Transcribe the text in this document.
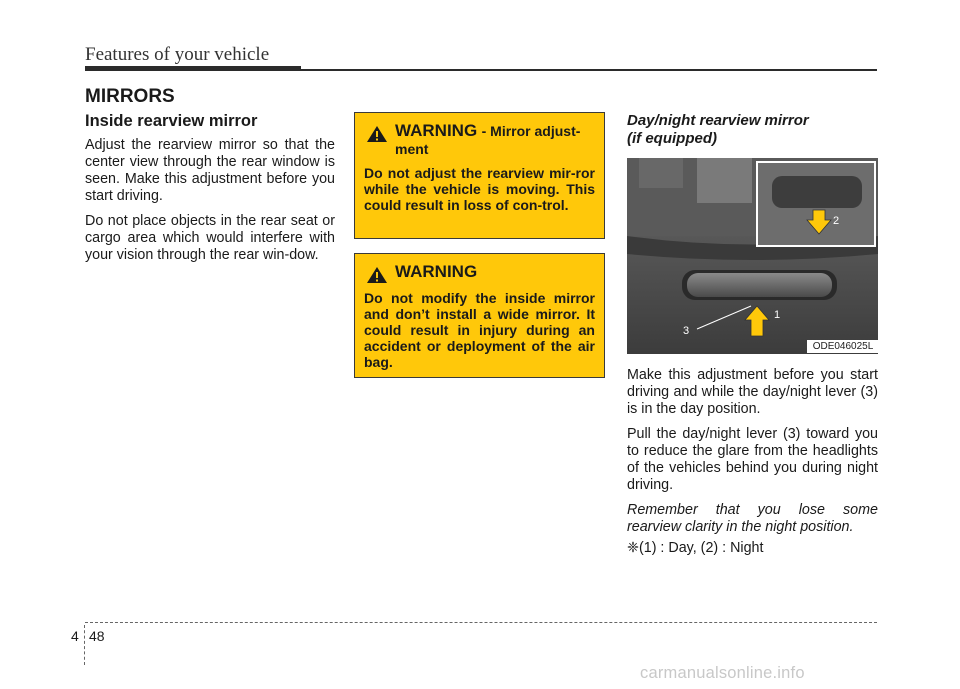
Features of your vehicle
MIRRORS
Inside rearview mirror

Adjust the rearview mirror so that the center view through the rear window is seen. Make this adjustment before you start driving.

Do not place objects in the rear seat or cargo area which would interfere with your vision through the rear win-dow.

WARNING - Mirror adjust-ment
Do not adjust the rearview mir-ror while the vehicle is moving. This could result in loss of con-trol.
WARNING
Do not modify the inside mirror and don’t install a wide mirror. It could result in injury during an accident or deployment of the air bag.

Day/night rearview mirror

(if equipped)

2
1
3
ODE046025L

Make this adjustment before you start driving and while the day/night lever (3) is in the day position.

Pull the day/night lever (3) toward you to reduce the glare from the headlights of the vehicles behind you during night driving.

Remember that you lose some rearview clarity in the night position.

❈(1) : Day, (2) : Night
4 48
carmanualsonline.info
